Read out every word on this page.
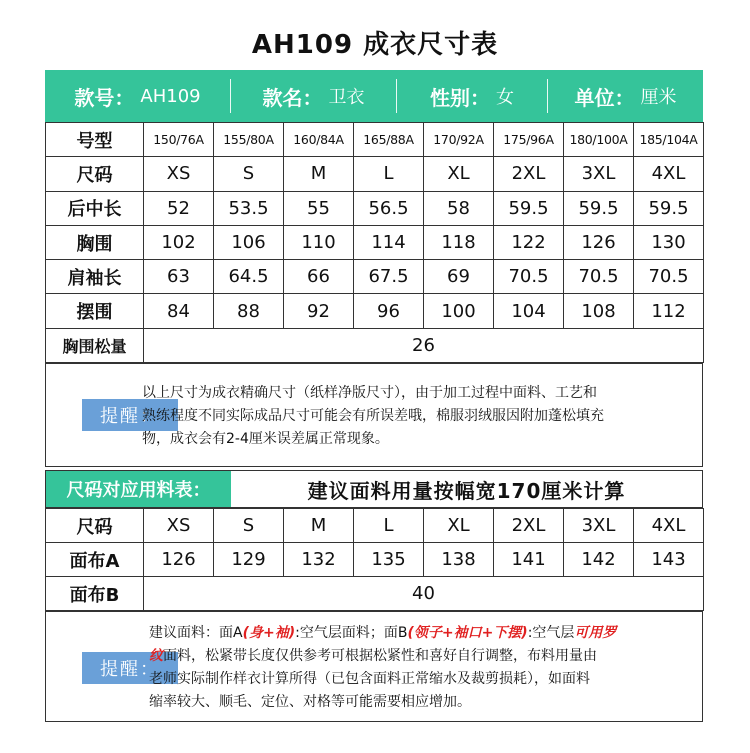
AH109 成衣尺寸表
款号： AH109	款名： 卫衣	性别： 女	单位： 厘米
号型	150/76A	155/80A	160/84A	165/88A	170/92A	175/96A	180/100A	185/104A
尺码	XS	S	M	L	XL	2XL	3XL	4XL
后中长	52	53.5	55	56.5	58	59.5	59.5	59.5
胸围	102	106	110	114	118	122	126	130
肩袖长	63	64.5	66	67.5	69	70.5	70.5	70.5
摆围	84	88	92	96	100	104	108	112
胸围松量	26							
提醒：
以上尺寸为成衣精确尺寸（纸样净版尺寸），由于加工过程中面料、工艺和
熟练程度不同实际成品尺寸可能会有所误差哦，棉服羽绒服因附加蓬松填充
物，成衣会有2-4厘米误差属正常现象。
尺码对应用料表：	建议面料用量按幅宽170厘米计算
尺码	XS	S	M	L	XL	2XL	3XL	4XL
面布A	126	129	132	135	138	141	142	143
面布B	40							
提醒：
建议面料：面A(身+袖):空气层面料；面B(领子+袖口+下摆):空气层可用罗
纹面料，松紧带长度仅供参考可根据松紧性和喜好自行调整，布料用量由
老师实际制作样衣计算所得（已包含面料正常缩水及裁剪损耗），如面料
缩率较大、顺毛、定位、对格等可能需要相应增加。
